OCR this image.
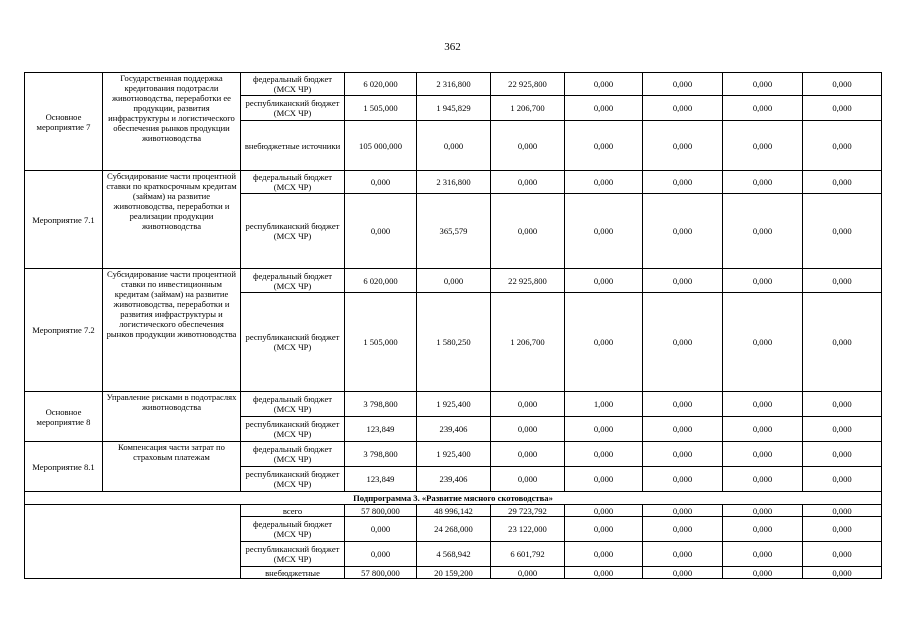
362
Основное мероприятие 7	Государственная поддержка кредитования подотрасли животноводства, переработки ее продукции, развития инфраструктуры и логистического обеспечения рынков продукции животноводства	федеральный бюджет (МСХ ЧР)	6 020,000	2 316,800	22 925,800	0,000	0,000	0,000	0,000
		республиканский бюджет (МСХ ЧР)	1 505,000	1 945,829	1 206,700	0,000	0,000	0,000	0,000
		внебюджетные источники	105 000,000	0,000	0,000	0,000	0,000	0,000	0,000
Мероприятие 7.1	Субсидирование части процентной ставки по краткосрочным кредитам (займам) на развитие животноводства, переработки и реализации продукции животноводства	федеральный бюджет (МСХ ЧР)	0,000	2 316,800	0,000	0,000	0,000	0,000	0,000
		республиканский бюджет (МСХ ЧР)	0,000	365,579	0,000	0,000	0,000	0,000	0,000
Мероприятие 7.2	Субсидирование части процентной ставки по инвестиционным кредитам (займам) на развитие животноводства, переработки и развития инфраструктуры и логистического обеспечения рынков продукции животноводства	федеральный бюджет (МСХ ЧР)	6 020,000	0,000	22 925,800	0,000	0,000	0,000	0,000
		республиканский бюджет (МСХ ЧР)	1 505,000	1 580,250	1 206,700	0,000	0,000	0,000	0,000
Основное мероприятие 8	Управление рисками в подотраслях животноводства	федеральный бюджет (МСХ ЧР)	3 798,800	1 925,400	0,000	1,000	0,000	0,000	0,000
		республиканский бюджет (МСХ ЧР)	123,849	239,406	0,000	0,000	0,000	0,000	0,000
Мероприятие 8.1	Компенсация части затрат по страховым платежам	федеральный бюджет (МСХ ЧР)	3 798,800	1 925,400	0,000	0,000	0,000	0,000	0,000
		республиканский бюджет (МСХ ЧР)	123,849	239,406	0,000	0,000	0,000	0,000	0,000
Подпрограмма 3. «Развитие мясного скотоводства»									
		всего	57 800,000	48 996,142	29 723,792	0,000	0,000	0,000	0,000
		федеральный бюджет (МСХ ЧР)	0,000	24 268,000	23 122,000	0,000	0,000	0,000	0,000
		республиканский бюджет (МСХ ЧР)	0,000	4 568,942	6 601,792	0,000	0,000	0,000	0,000
		внебюджетные	57 800,000	20 159,200	0,000	0,000	0,000	0,000	0,000
